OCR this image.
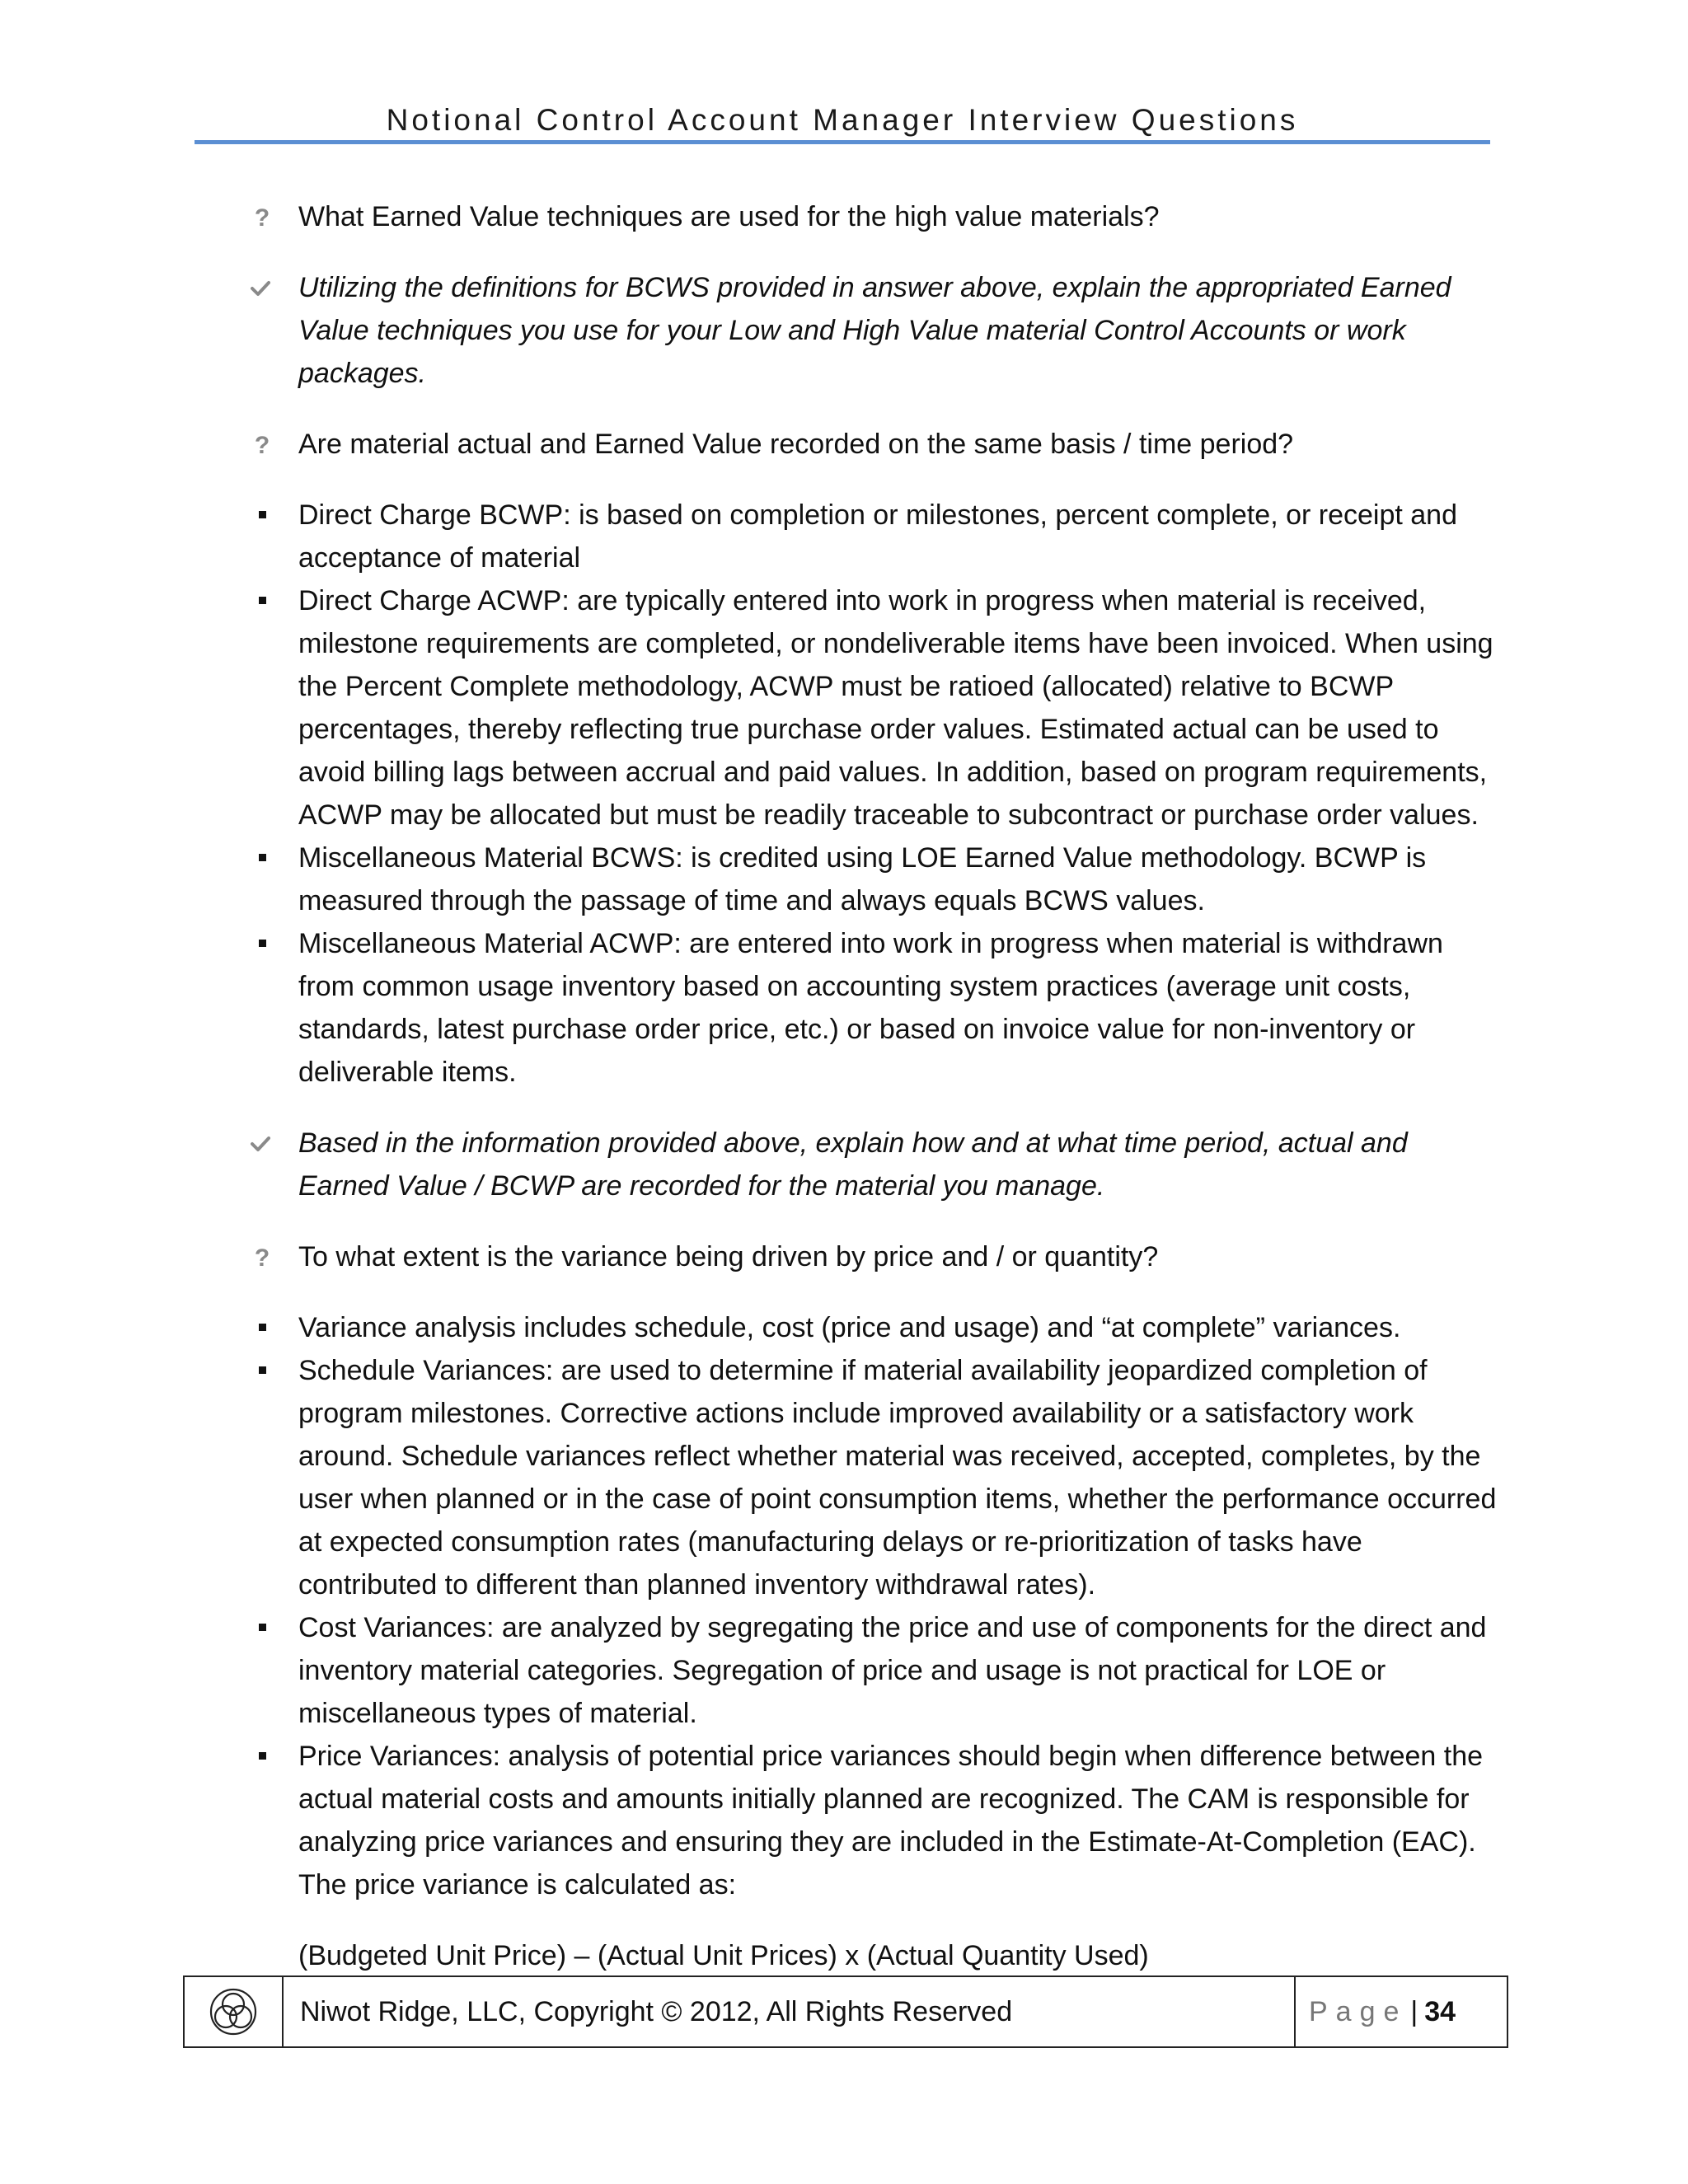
Notional Control Account Manager Interview Questions
? What Earned Value techniques are used for the high value materials?
Utilizing the definitions for BCWS provided in answer above, explain the appropriated Earned Value techniques you use for your Low and High Value material Control Accounts or work packages.
? Are material actual and Earned Value recorded on the same basis / time period?
Direct Charge BCWP: is based on completion or milestones, percent complete, or receipt and acceptance of material
Direct Charge ACWP: are typically entered into work in progress when material is received, milestone requirements are completed, or nondeliverable items have been invoiced. When using the Percent Complete methodology, ACWP must be ratioed (allocated) relative to BCWP percentages, thereby reflecting true purchase order values. Estimated actual can be used to avoid billing lags between accrual and paid values. In addition, based on program requirements, ACWP may be allocated but must be readily traceable to subcontract or purchase order values.
Miscellaneous Material BCWS: is credited using LOE Earned Value methodology. BCWP is measured through the passage of time and always equals BCWS values.
Miscellaneous Material ACWP: are entered into work in progress when material is withdrawn from common usage inventory based on accounting system practices (average unit costs, standards, latest purchase order price, etc.) or based on invoice value for non-inventory or deliverable items.
Based in the information provided above, explain how and at what time period, actual and Earned Value / BCWP are recorded for the material you manage.
? To what extent is the variance being driven by price and / or quantity?
Variance analysis includes schedule, cost (price and usage) and “at complete” variances.
Schedule Variances: are used to determine if material availability jeopardized completion of program milestones. Corrective actions include improved availability or a satisfactory work around. Schedule variances reflect whether material was received, accepted, completes, by the user when planned or in the case of point consumption items, whether the performance occurred at expected consumption rates (manufacturing delays or re-prioritization of tasks have contributed to different than planned inventory withdrawal rates).
Cost Variances: are analyzed by segregating the price and use of components for the direct and inventory material categories. Segregation of price and usage is not practical for LOE or miscellaneous types of material.
Price Variances: analysis of potential price variances should begin when difference between the actual material costs and amounts initially planned are recognized. The CAM is responsible for analyzing price variances and ensuring they are included in the Estimate-At-Completion (EAC). The price variance is calculated as:
(Budgeted Unit Price) – (Actual Unit Prices) x (Actual Quantity Used)
Niwot Ridge, LLC, Copyright © 2012, All Rights Reserved	Page | 34
